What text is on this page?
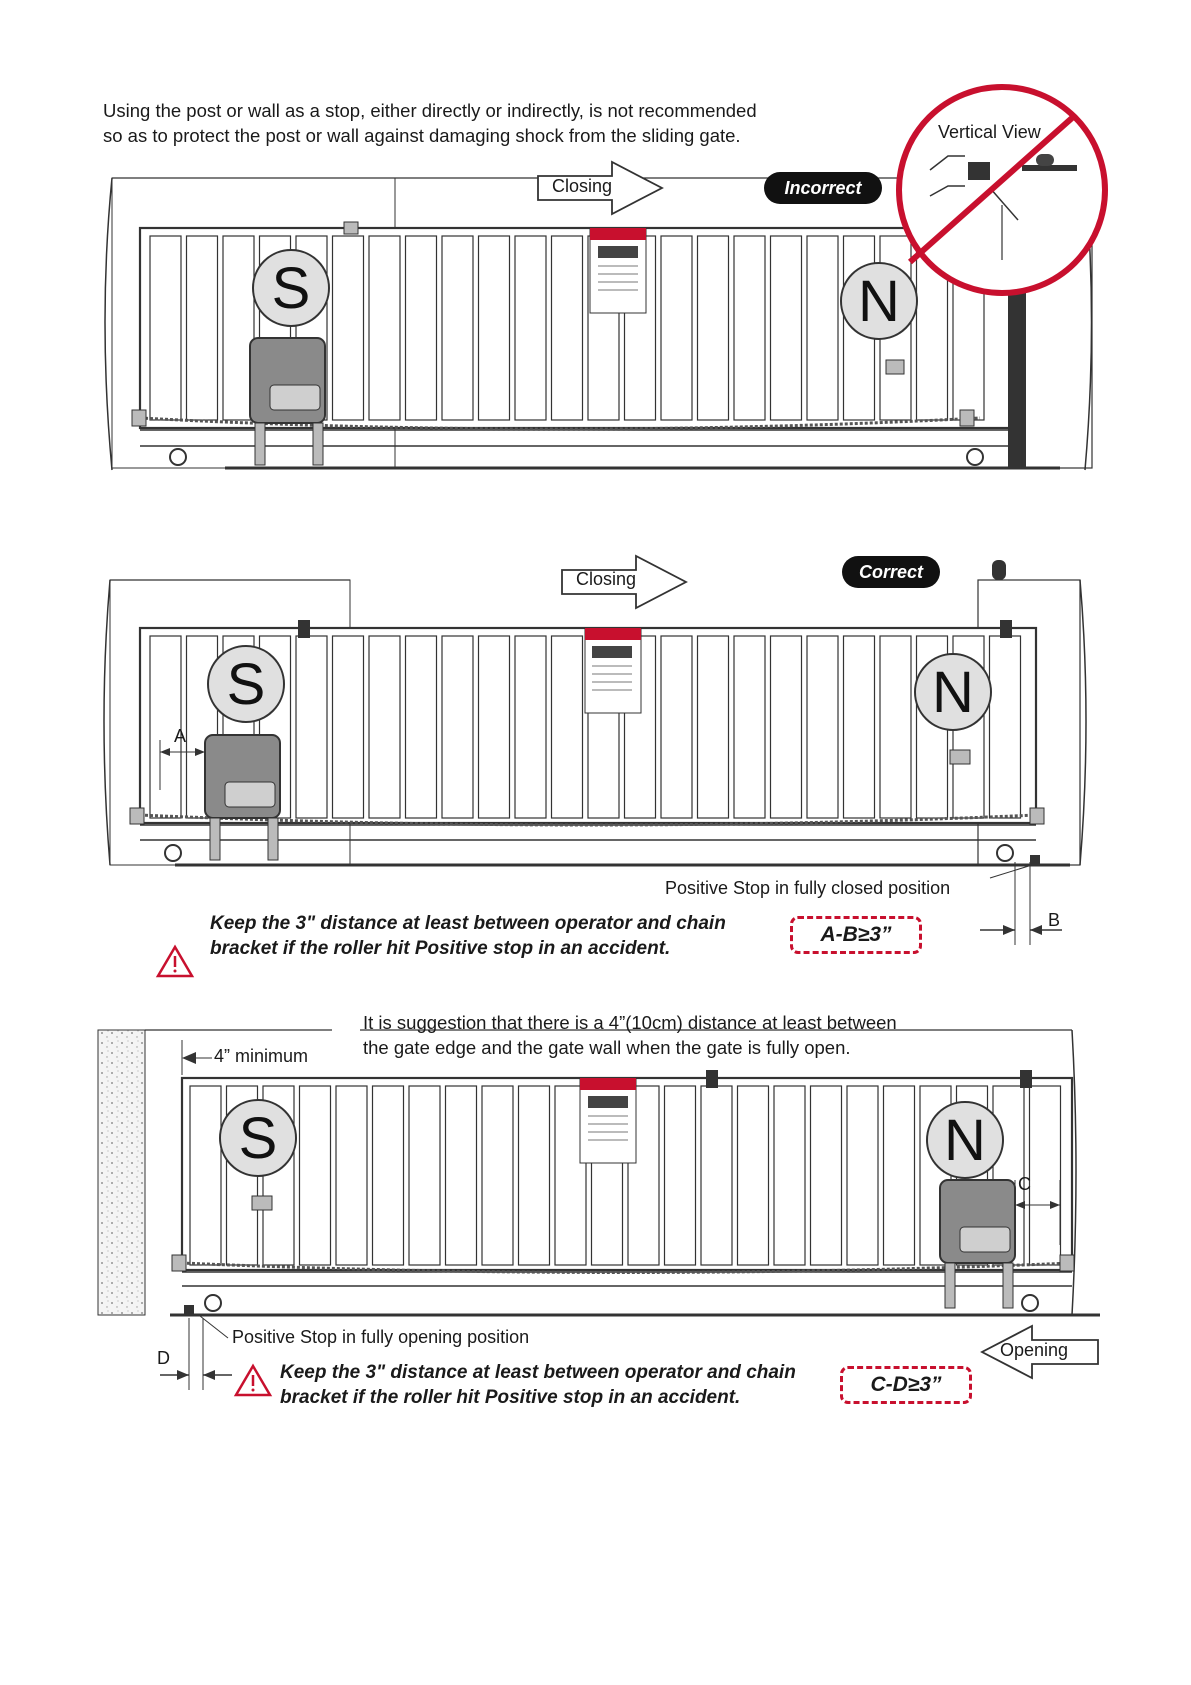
S	N
S	N
S	N
Using the post or wall as a stop, either directly or indirectly, is not recommended
so as to protect the post or wall against damaging shock from the sliding gate.
Closing	Incorrect
Vertical View
Closing	Correct
A
B
Positive Stop in fully closed position
Keep the 3" distance at least between operator and chain
bracket if the roller hit Positive stop in an accident.
A-B≥3”
It is suggestion that there is a 4”(10cm) distance at least between
the gate edge and the gate wall when the gate is fully open.
4” minimum
C
D
Positive Stop in fully opening position
Opening
Keep the 3" distance at least between operator and chain
bracket if the roller hit Positive stop in an accident.
C-D≥3”
